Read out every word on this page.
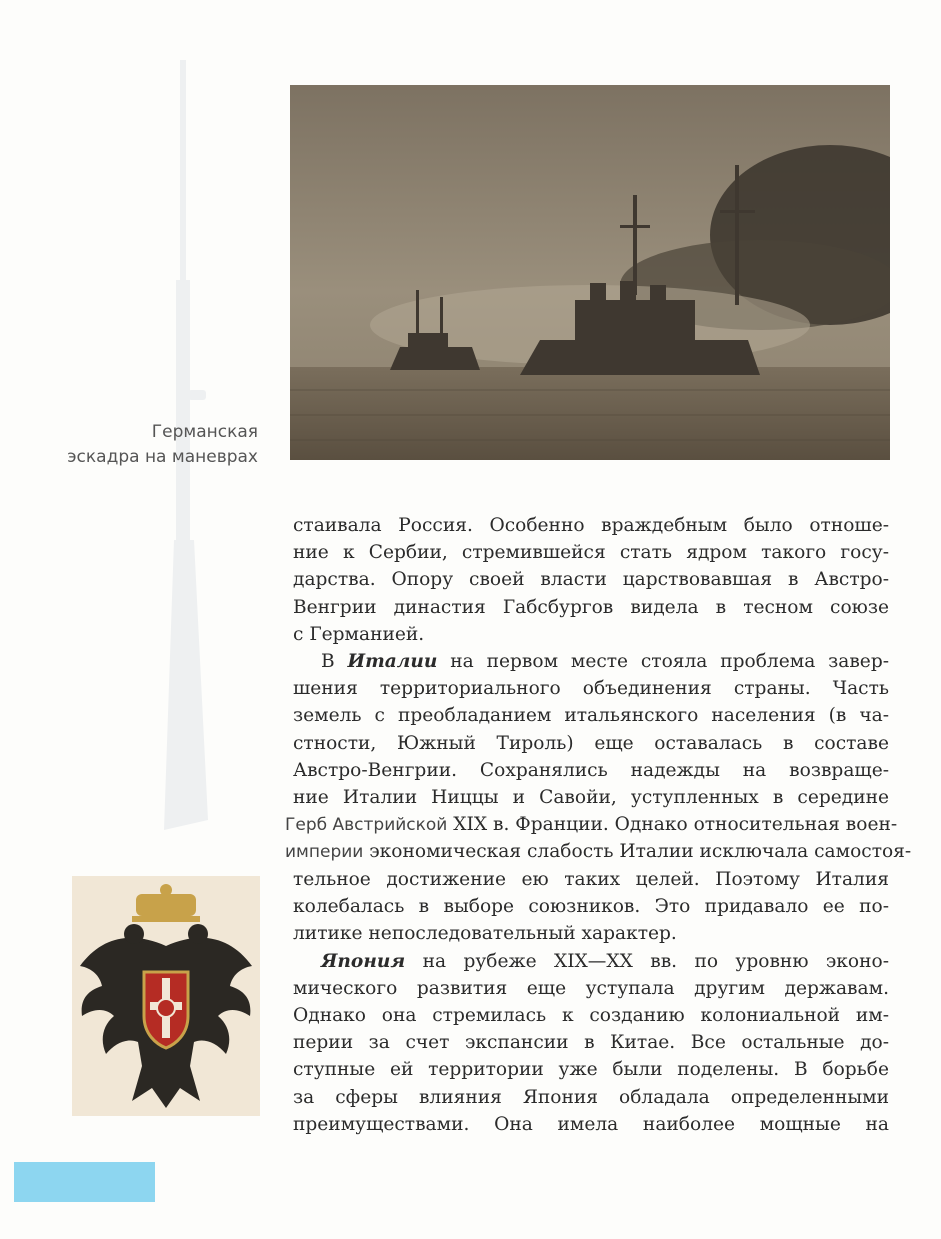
Германская
эскадра на маневрах
стаивала Россия. Особенно враждебным было отноше-
ние к Сербии, стремившейся стать ядром такого госу-
дарства. Опору своей власти царствовавшая в Австро-
Венгрии династия Габсбургов видела в тесном союзе
с Германией.
В Италии на первом месте стояла проблема завер-
шения территориального объединения страны. Часть
земель с преобладанием итальянского населения (в ча-
стности, Южный Тироль) еще оставалась в составе
Австро-Венгрии. Сохранялись надежды на возвраще-
ние Италии Ниццы и Савойи, уступленных в середине
Герб Австрийской XIX в. Франции. Однако относительная воен-
империи экономическая слабость Италии исключала самостоя-
тельное достижение ею таких целей. Поэтому Италия
колебалась в выборе союзников. Это придавало ее по-
литике непоследовательный характер.
Япония на рубеже XIX—XX вв. по уровню эконо-
мического развития еще уступала другим державам.
Однако она стремилась к созданию колониальной им-
перии за счет экспансии в Китае. Все остальные до-
ступные ей территории уже были поделены. В борьбе
за сферы влияния Япония обладала определенными
преимуществами. Она имела наиболее мощные на
